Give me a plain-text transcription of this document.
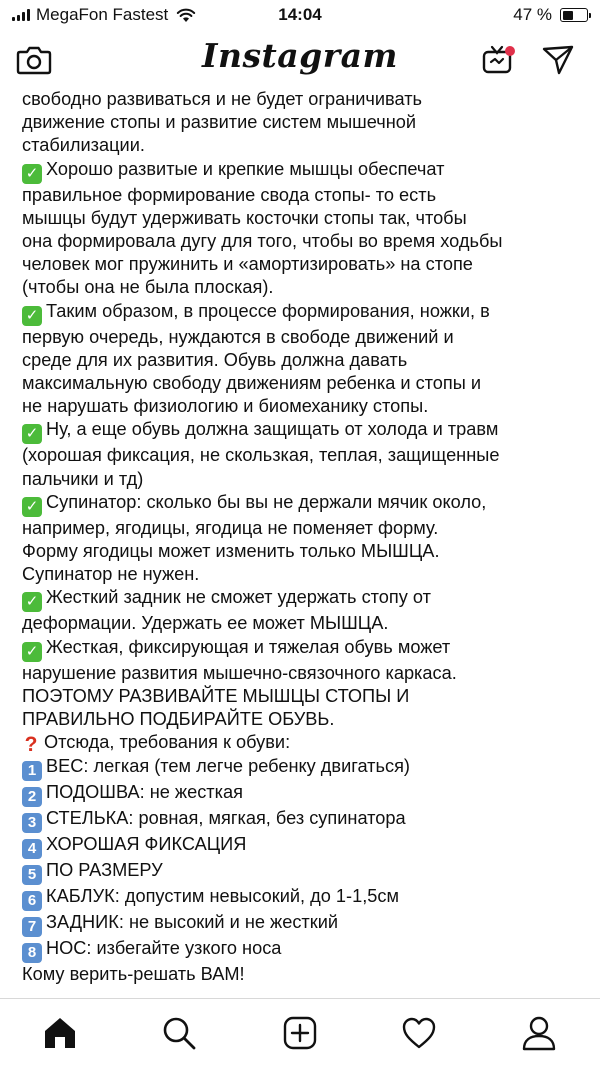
MegaFon Fastest	14:04	47 %
Instagram
свободно развиваться и не будет ограничивать
движение стопы и развитие систем мышечной
стабилизации.
✓ Хорошо развитые и крепкие мышцы обеспечат
правильное формирование свода стопы- то есть
мышцы будут удерживать косточки стопы так, чтобы
она формировала дугу для того, чтобы во время ходьбы
человек мог пружинить и «амортизировать» на стопе
(чтобы она не была плоская).
✓ Таким образом, в процессе формирования, ножки, в
первую очередь, нуждаются в свободе движений и
среде для их развития. Обувь должна давать
максимальную свободу движениям ребенка и стопы и
не нарушать физиологию и биомеханику стопы.
✓ Ну, а еще обувь должна защищать от холода и травм
(хорошая фиксация, не скользкая, теплая, защищенные
пальчики и тд)
✓ Супинатор: сколько бы вы не держали мячик около,
например, ягодицы, ягодица не поменяет форму.
Форму ягодицы может изменить только МЫШЦА.
Супинатор не нужен.
✓ Жесткий задник не сможет удержать стопу от
деформации. Удержать ее может МЫШЦА.
✓ Жесткая, фиксирующая и тяжелая обувь может
нарушение развития мышечно-связочного каркаса.
ПОЭТОМУ РАЗВИВАЙТЕ МЫШЦЫ СТОПЫ И
ПРАВИЛЬНО ПОДБИРАЙТЕ ОБУВЬ.
? Отсюда, требования к обуви:
1 ВЕС: легкая (тем легче ребенку двигаться)
2 ПОДОШВА: не жесткая
3 СТЕЛЬКА: ровная, мягкая, без супинатора
4 ХОРОШАЯ ФИКСАЦИЯ
5 ПО РАЗМЕРУ
6 КАБЛУК: допустим невысокий, до 1-1,5см
7 ЗАДНИК: не высокий и не жесткий
8 НОС: избегайте узкого носа
Кому верить-решать ВАМ!
